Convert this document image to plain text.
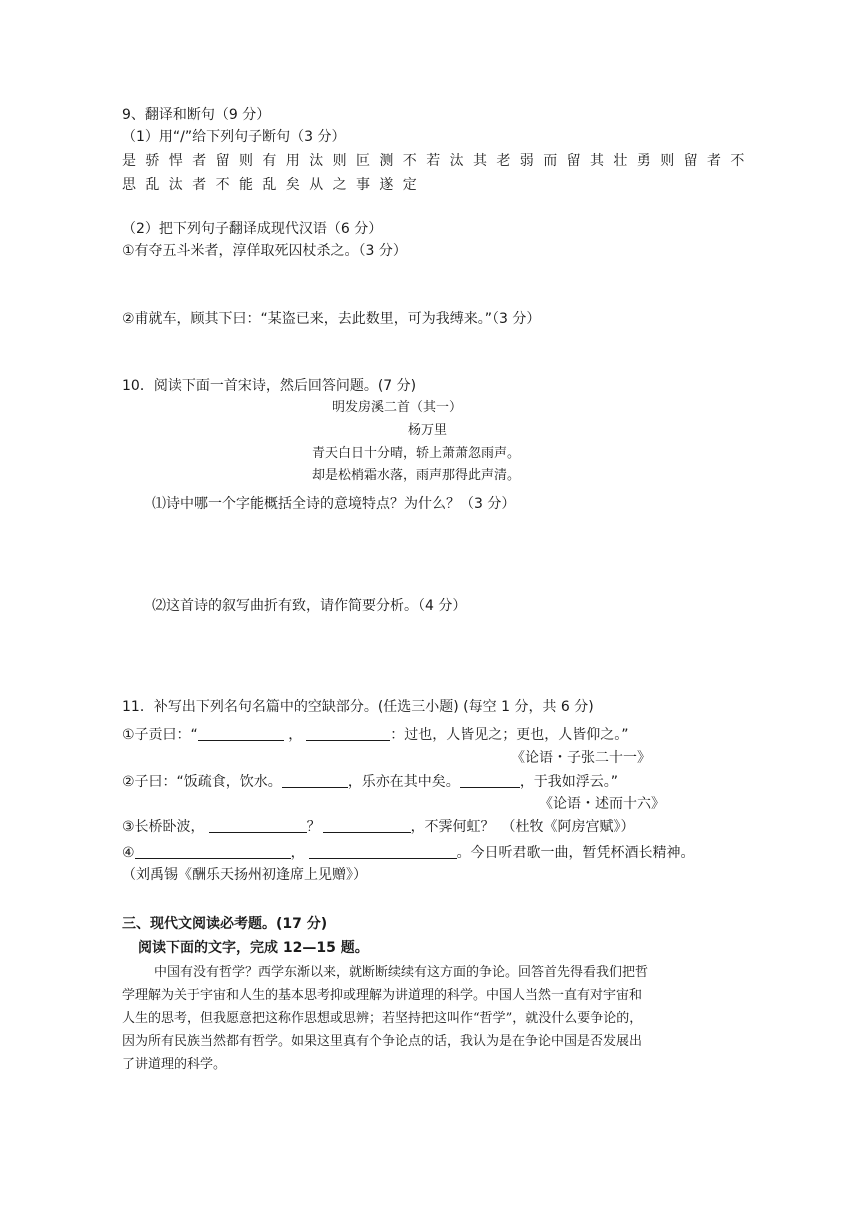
9、翻译和断句（9 分）
（1）用“/”给下列句子断句（3 分）
是骄悍者留则有用汰则叵测不若汰其老弱而留其壮勇则留者不
思乱汰者不能乱矣从之事遂定
（2）把下列句子翻译成现代汉语（6 分）
①有夺五斗米者，淳佯取死囚杖杀之。（3 分）
②甫就车，顾其下曰：“某盗已来，去此数里，可为我缚来。”（3 分）
10．阅读下面一首宋诗，然后回答问题。(7 分)
明发房溪二首（其一）
杨万里
青天白日十分晴，轿上萧萧忽雨声。
却是松梢霜水落，雨声那得此声清。
⑴诗中哪一个字能概括全诗的意境特点？为什么？（3 分）
⑵这首诗的叙写曲折有致，请作简要分析。（4 分）
11．补写出下列名句名篇中的空缺部分。(任选三小题) (每空 1 分，共 6 分)
①子贡曰：“	，	：过也，人皆见之；更也，人皆仰之。”
《论语・子张二十一》
②子曰：“饭疏食，饮水。	，乐亦在其中矣。	，于我如浮云。”
《论语・述而十六》
③长桥卧波，	？	，不霁何虹？　（杜牧《阿房宫赋》）
④	，	。今日听君歌一曲，暂凭杯酒长精神。
（刘禹锡《酬乐天扬州初逢席上见赠》）
三、现代文阅读必考题。(17 分)
阅读下面的文字，完成 12—15 题。
中国有没有哲学？西学东渐以来，就断断续续有这方面的争论。回答首先得看我们把哲
学理解为关于宇宙和人生的基本思考抑或理解为讲道理的科学。中国人当然一直有对宇宙和
人生的思考，但我愿意把这称作思想或思辨；若坚持把这叫作“哲学”，就没什么要争论的，
因为所有民族当然都有哲学。如果这里真有个争论点的话，我认为是在争论中国是否发展出
了讲道理的科学。
